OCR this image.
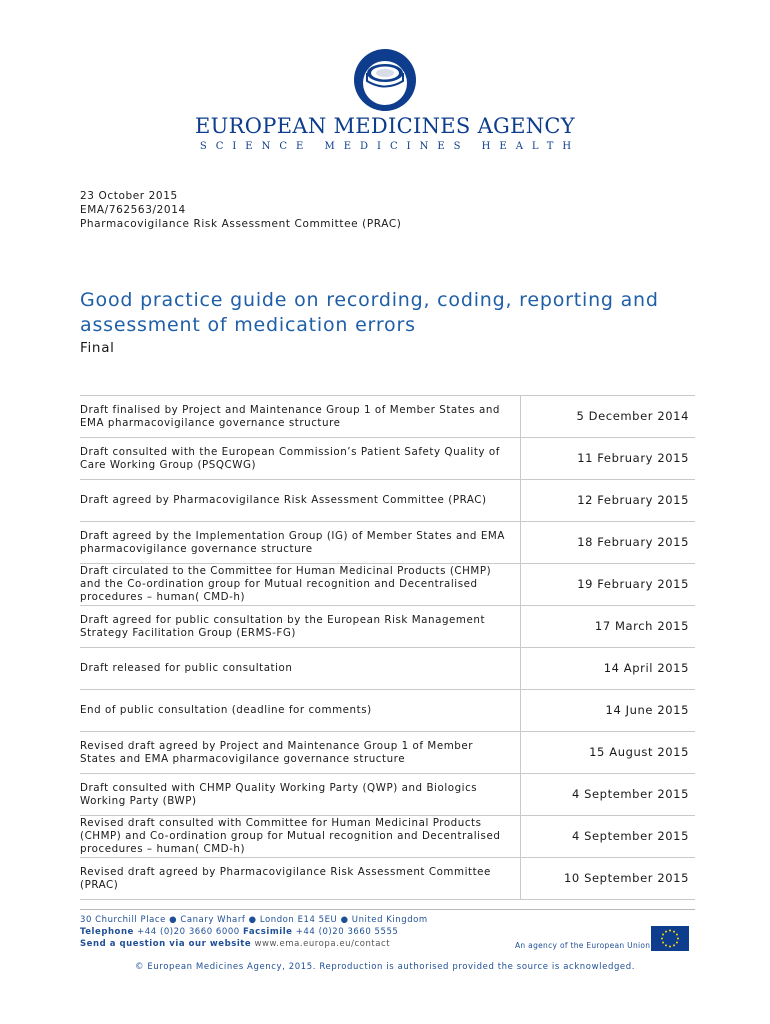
EUROPEAN MEDICINES AGENCY
SCIENCE MEDICINES HEALTH
23 October 2015
EMA/762563/2014
Pharmacovigilance Risk Assessment Committee (PRAC)
Good practice guide on recording, coding, reporting and assessment of medication errors
Final
Draft finalised by Project and Maintenance Group 1 of Member States and EMA pharmacovigilance governance structure	5 December 2014
Draft consulted with the European Commission’s Patient Safety Quality of Care Working Group (PSQCWG)	11 February 2015
Draft agreed by Pharmacovigilance Risk Assessment Committee (PRAC)	12 February 2015
Draft agreed by the Implementation Group (IG) of Member States and EMA pharmacovigilance governance structure	18 February 2015
Draft circulated to the Committee for Human Medicinal Products (CHMP) and the Co-ordination group for Mutual recognition and Decentralised procedures – human( CMD-h)	19 February 2015
Draft agreed for public consultation by the European Risk Management Strategy Facilitation Group (ERMS-FG)	17 March 2015
Draft released for public consultation	14 April 2015
End of public consultation (deadline for comments)	14 June 2015
Revised draft agreed by Project and Maintenance Group 1 of Member States and EMA pharmacovigilance governance structure	15 August 2015
Draft consulted with CHMP Quality Working Party (QWP) and Biologics Working Party (BWP)	4 September 2015
Revised draft consulted with Committee for Human Medicinal Products (CHMP) and Co-ordination group for Mutual recognition and Decentralised procedures – human( CMD-h)	4 September 2015
Revised draft agreed by Pharmacovigilance Risk Assessment Committee (PRAC)	10 September 2015
30 Churchill Place ● Canary Wharf ● London E14 5EU ● United Kingdom
Telephone +44 (0)20 3660 6000 Facsimile +44 (0)20 3660 5555
Send a question via our website www.ema.europa.eu/contact	An agency of the European Union
© European Medicines Agency, 2015. Reproduction is authorised provided the source is acknowledged.
